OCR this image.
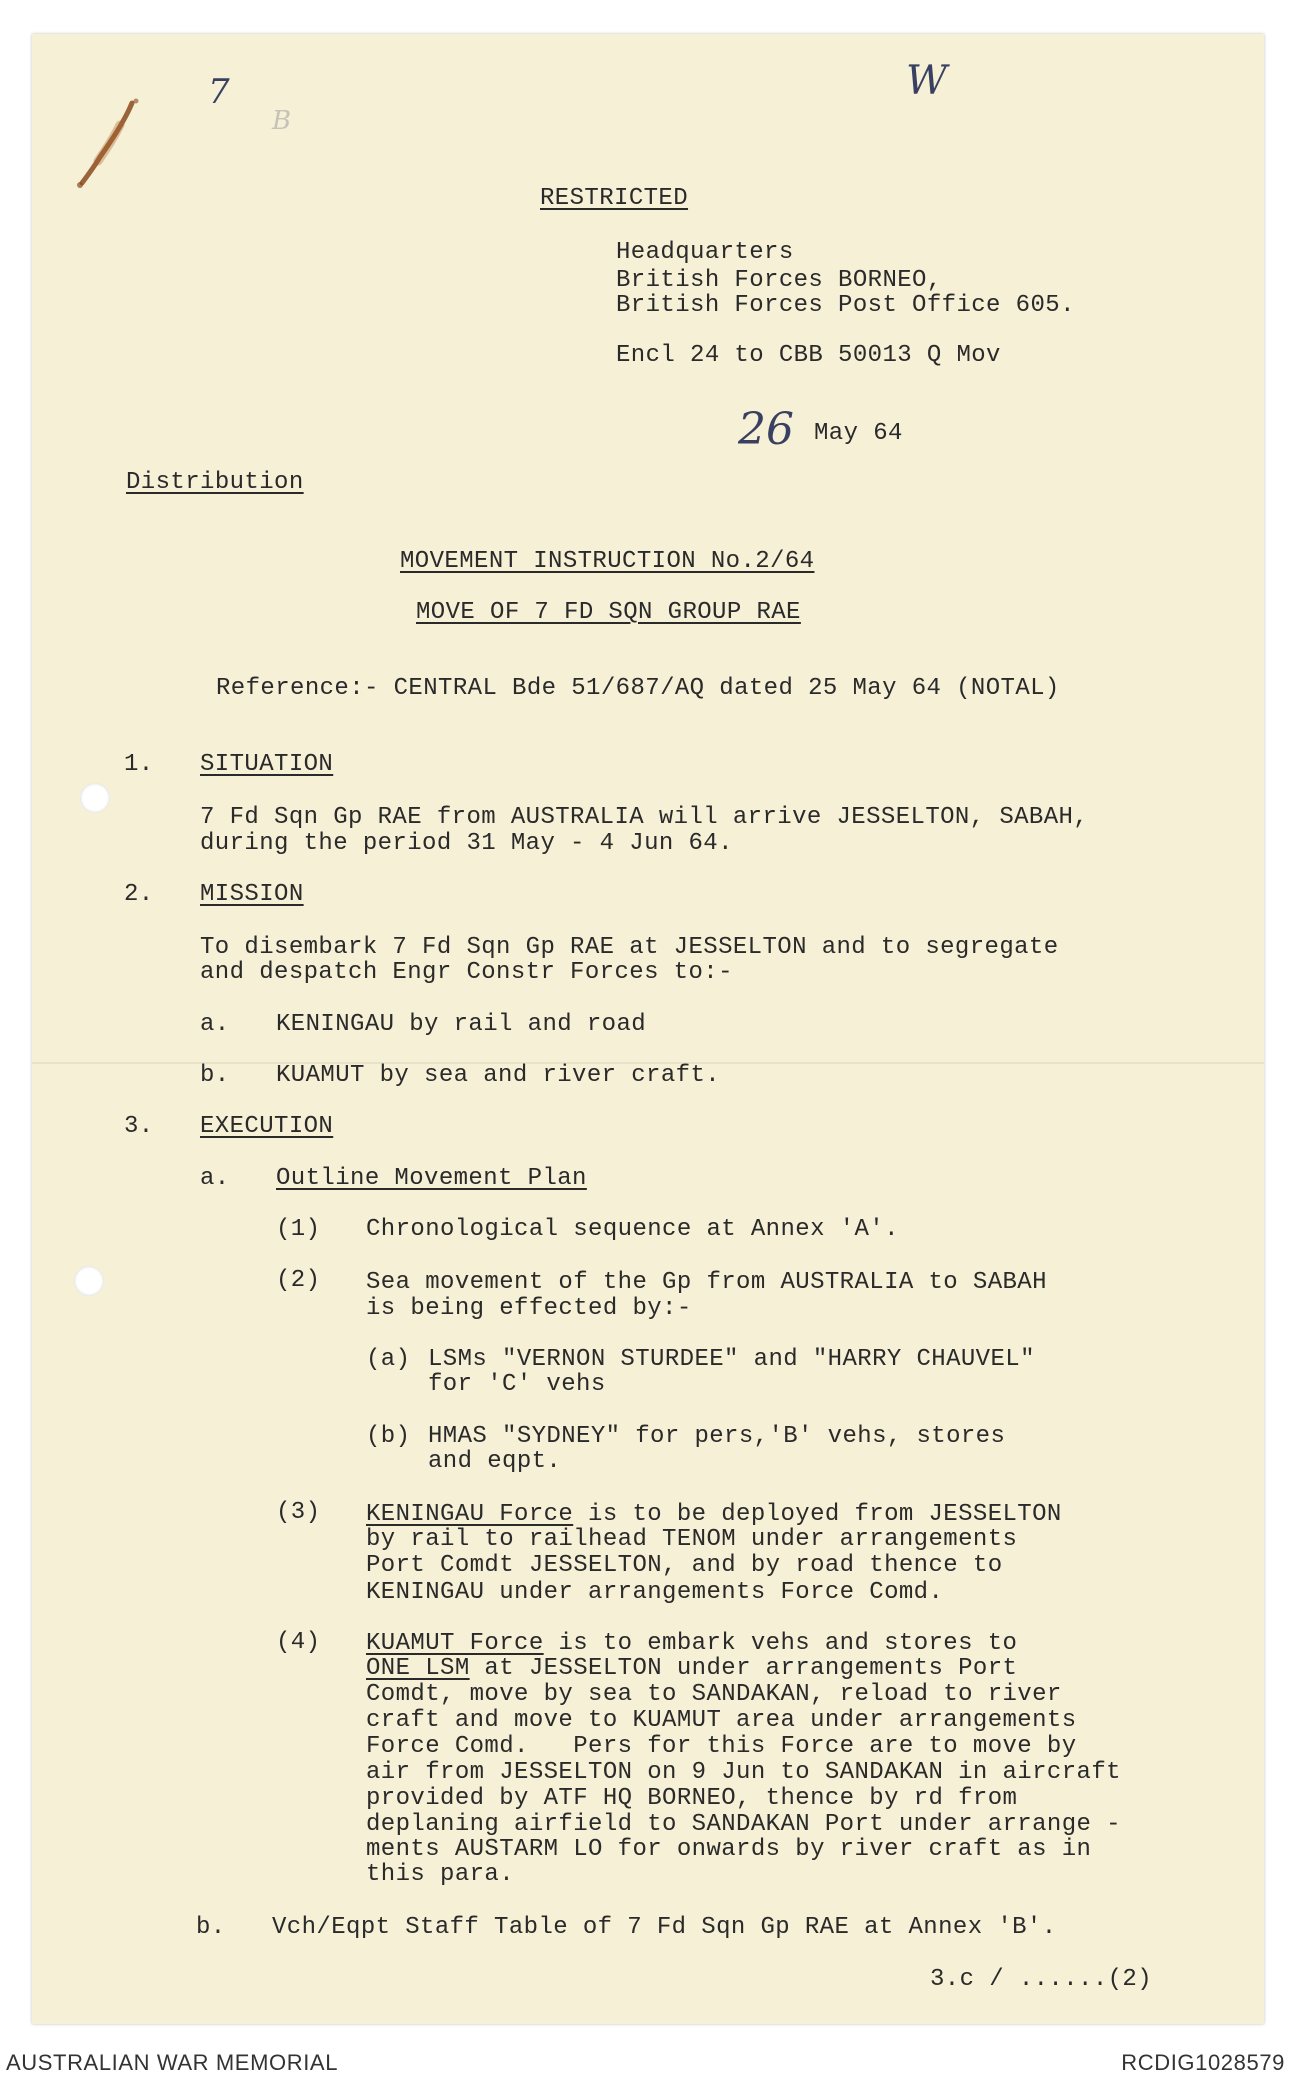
7
B
W
26
RESTRICTED
Headquarters
British Forces BORNEO,
British Forces Post Office 605.
Encl 24 to CBB 50013 Q Mov
May 64
Distribution
MOVEMENT INSTRUCTION No.2/64
MOVE OF 7 FD SQN GROUP RAE
Reference:- CENTRAL Bde 51/687/AQ dated 25 May 64 (NOTAL)
1. SITUATION
7 Fd Sqn Gp RAE from AUSTRALIA will arrive JESSELTON, SABAH,
during the period 31 May - 4 Jun 64.
2. MISSION
To disembark 7 Fd Sqn Gp RAE at JESSELTON and to segregate
and despatch Engr Constr Forces to:-
a. KENINGAU by rail and road
b. KUAMUT by sea and river craft.
3. EXECUTION
a. Outline Movement Plan
(1) Chronological sequence at Annex 'A'.
(2) Sea movement of the Gp from AUSTRALIA to SABAH
is being effected by:-
(a) LSMs "VERNON STURDEE" and "HARRY CHAUVEL"
for 'C' vehs
(b) HMAS "SYDNEY" for pers,'B' vehs, stores
and eqpt.
(3) KENINGAU Force is to be deployed from JESSELTON
by rail to railhead TENOM under arrangements
Port Comdt JESSELTON, and by road thence to
KENINGAU under arrangements Force Comd.
(4) KUAMUT Force is to embark vehs and stores to
ONE LSM at JESSELTON under arrangements Port
Comdt, move by sea to SANDAKAN, reload to river
craft and move to KUAMUT area under arrangements
Force Comd.   Pers for this Force are to move by
air from JESSELTON on 9 Jun to SANDAKAN in aircraft
provided by ATF HQ BORNEO, thence by rd from
deplaning airfield to SANDAKAN Port under arrange -
ments AUSTARM LO for onwards by river craft as in
this para.
b. Vch/Eqpt Staff Table of 7 Fd Sqn Gp RAE at Annex 'B'.
3.c / ......(2)
AUSTRALIAN WAR MEMORIAL	RCDIG1028579
